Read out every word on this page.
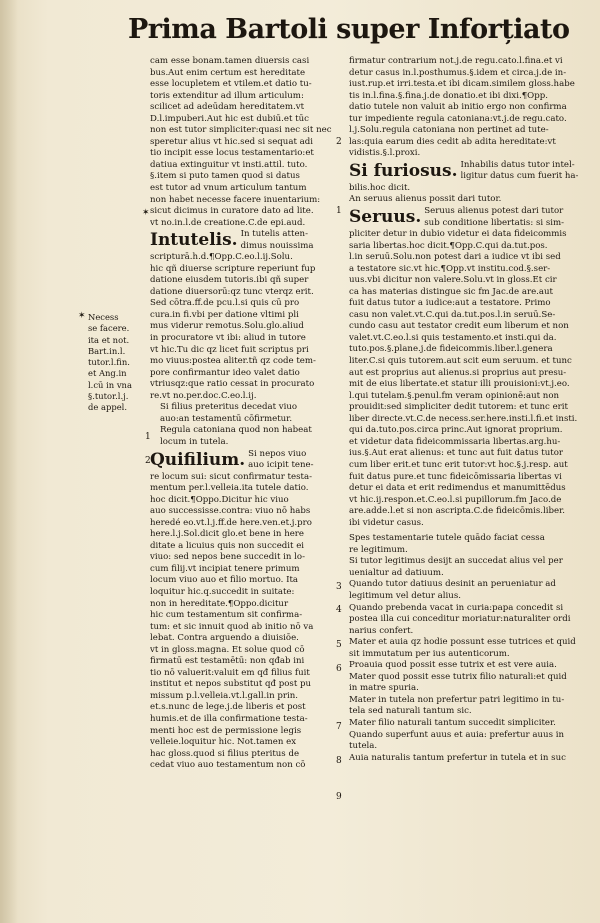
Prima Bartoli super Inforțiato
cam esse bonam.tamen diuersis casi
bus.Aut enim certum est hereditate
esse locupletem et vtilem.et datio tu-
toris extenditur ad illum articulum:
scilicet ad adeūdam hereditatem.vt
D.l.impuberi.Aut hic est dubiū.et tūc
non est tutor simpliciter:quasi nec sit nec
speretur alius vt hic.sed si sequat adi
tio incipit esse locus testamentario:et
datiua extinguitur vt insti.attil. tuto.
§.item si puto tamen quod si datus
est tutor ad vnum articulum tantum
non habet necesse facere inuentarium:
sicut dicimus in curatore dato ad lite.
vt no.in.l.de creatione.C.de epi.aud.
Intutelis. In tutelis atten-
dimus nouissima
scripturā.h.d.¶Opp.C.eo.l.ij.Solu.
hic qñ diuerse scripture reperiunt fup
datione eiusdem tutoris.ibi qñ super
datione diuersorū:qz tunc vterqz erit.
Sed cōtra.ff.de pcu.l.si quis cū pro
cura.in fi.vbi per datione vltimi pli
mus viderur remotus.Solu.glo.aliud
in procuratore vt ibi: aliud in tutore
vt hic.Tu dic qz licet fuit scriptus pri
mo viuus:postea aliter.tñ qz code tem-
pore confirmantur ideo valet datio
vtriusqz:que ratio cessat in procurato
re.vt no.per.doc.C.eo.l.ij.
Si filius preteritus decedat viuo
auo:an testamentū cōfirmetur.
Regula catoniana quod non habeat
locum in tutela.
Quifilium. Si nepos viuo
auo icipit tene-
re locum sui: sicut confirmatur testa-
mentum per.l.velleia.ita tutele datio.
hoc dicit.¶Oppo.Dicitur hic viuo
auo successisse.contra: viuo nō habs
heredé eo.vt.l.j.ff.de here.ven.et.j.pro
here.l.j.Sol.dicit glo.et bene in here
ditate a licuius quis non succedit ei
viuo: sed nepos bene succedit in lo-
cum filij.vt incipiat tenere primum
locum viuo auo et filio mortuo. Ita
loquitur hic.q.succedit in suitate:
non in hereditate.¶Oppo.dicitur
hic cum testamentum sit confirma-
tum: et sic innuit quod ab initio nō va
lebat. Contra arguendo a diuisiōe.
vt in gloss.magna. Et solue quod cō
firmatū est testamētū: non qđab ini
tio nō valuerit:valuit em qđ filius fuit
institut et nepos substitut qđ post pu
missum p.l.velleia.vt.l.gall.in prin.
et.s.nunc de lege.j.de liberis et post
humis.et de illa confirmatione testa-
menti hoc est de permissione legis
velleie.loquitur hic. Not.tamen ex
hac gloss.quod si filius pteritus de
cedat viuo auo testamentum non cō
firmatur contrarium not.j.de regu.cato.l.fina.et vi
detur casus in.l.posthumus.§.idem et circa.j.de in-
iust.rup.et irri.testa.et ibi dicam.similem gloss.habe
tis in.l.fina.§.fina.j.de donatio.et ibi dixi.¶Opp.
datio tutele non valuit ab initio ergo non confirma
tur impediente regula catoniana:vt.j.de regu.cato.
l.j.Solu.regula catoniana non pertinet ad tute-
las:quia earum dies cedit ab adita hereditate:vt
vidistis.§.l.proxi.
Si furiosus. Inhabilis datus tutor intel-
ligitur datus cum fuerit ha-
bilis.hoc dicit.
An seruus alienus possit dari tutor.
Seruus. Seruus alienus potest dari tutor
sub conditione libertatis: si sim-
pliciter detur in dubio videtur ei data fideicommis
saria libertas.hoc dicit.¶Opp.C.qui da.tut.pos.
l.in seruū.Solu.non potest dari a iudice vt ibi sed
a testatore sic.vt hic.¶Opp.vt institu.cod.§.ser-
uus.vbi dicitur non valere.Solu.vt in gloss.Et cir
ca has materias distingue sic fm Jac.de are.aut
fuit datus tutor a iudice:aut a testatore. Primo
casu non valet.vt.C.qui da.tut.pos.l.in seruū.Se-
cundo casu aut testator credit eum liberum et non
valet.vt.C.eo.l.si quis testamento.et insti.qui da.
tuto.pos.§.plane.j.de fideicommis.liber.l.genera
liter.C.si quis tutorem.aut scit eum seruum. et tunc
aut est proprius aut alienus.si proprius aut presu-
mit de eius libertate.et statur illi prouisioni:vt.j.eo.
l.qui tutelam.§.penul.fm veram opinionē:aut non
prouidit:sed simpliciter dedit tutorem: et tunc erit
liber directe.vt.C.de necess.ser.here.insti.l.fi.et insti.
qui da.tuto.pos.circa princ.Aut ignorat proprium.
et videtur data fideicommissaria libertas.arg.hu-
ius.§.Aut erat alienus: et tunc aut fuit datus tutor
cum liber erit.et tunc erit tutor:vt hoc.§.j.resp. aut
fuit datus pure.et tunc fideicōmissaria libertas vi
detur ei data et erit redimendus et manumittēdus
vt hic.ij.respon.et.C.eo.l.si pupillorum.fm Jaco.de
are.adde.l.et si non ascripta.C.de fideicōmis.liber.
ibi videtur casus.
Spes testamentarie tutele quādo faciat cessa
re legitimum.
Si tutor legitimus desijt an succedat alius vel per
uenialtur ad datiuum.
Quando tutor datiuus desinit an perueniatur ad
legitimum vel detur alius.
Quando prebenda vacat in curia:papa concedit si
postea illa cui conceditur moriatur:naturaliter ordi
narius confert.
Mater et auia qz hodie possunt esse tutrices et quid
sit immutatum per ius autenticorum.
Proauia quod possit esse tutrix et est vere auia.
Mater quod possit esse tutrix filio naturali:et quid
in matre spuria.
Mater in tutela non prefertur patri legitimo in tu-
tela sed naturali tantum sic.
Mater filio naturali tantum succedit simpliciter.
Quando superfunt auus et auia: prefertur auus in
tutela.
Auia naturalis tantum prefertur in tutela et in suc
Necess
se facere.
ita et not.
Bart.in.l.
tutor.l.fin.
et Ang.in
l.cū in vna
§.tutor.l.j.
de appel.
✶
✶
1
2
1
2
3
4
5
6
7
8
9
